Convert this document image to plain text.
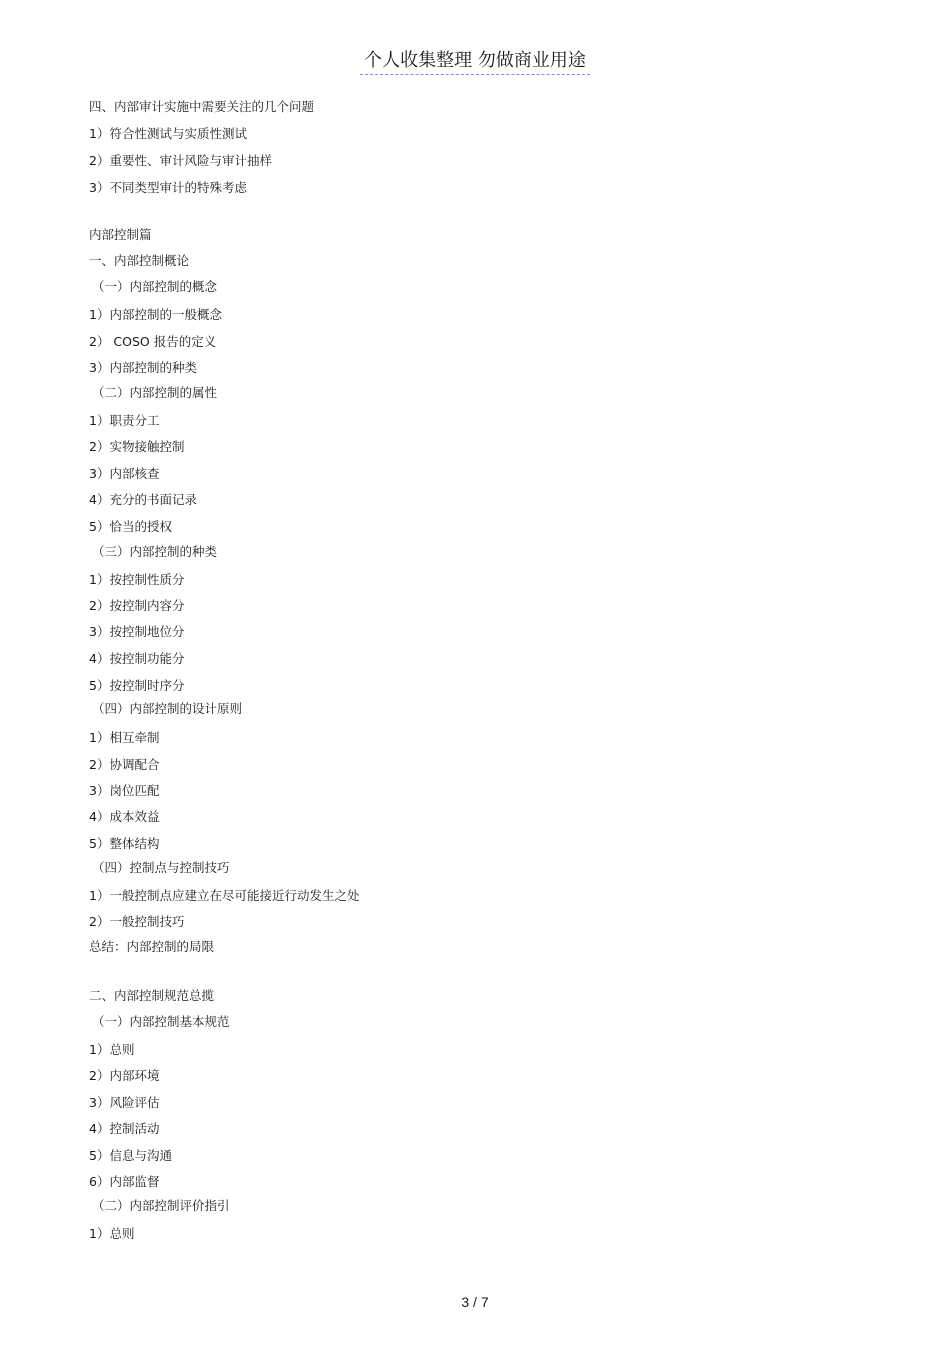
个人收集整理 勿做商业用途
四、内部审计实施中需要关注的几个问题
1）符合性测试与实质性测试
2）重要性、审计风险与审计抽样
3）不同类型审计的特殊考虑
内部控制篇
一、内部控制概论
（一）内部控制的概念
1）内部控制的一般概念
2） COSO 报告的定义
3）内部控制的种类
（二）内部控制的属性
1）职责分工
2）实物接触控制
3）内部核查
4）充分的书面记录
5）恰当的授权
（三）内部控制的种类
1）按控制性质分
2）按控制内容分
3）按控制地位分
4）按控制功能分
5）按控制时序分
（四）内部控制的设计原则
1）相互牵制
2）协调配合
3）岗位匹配
4）成本效益
5）整体结构
（四）控制点与控制技巧
1）一般控制点应建立在尽可能接近行动发生之处
2）一般控制技巧
总结：内部控制的局限
二、内部控制规范总揽
（一）内部控制基本规范
1）总则
2）内部环境
3）风险评估
4）控制活动
5）信息与沟通
6）内部监督
（二）内部控制评价指引
1）总则
3 / 7
